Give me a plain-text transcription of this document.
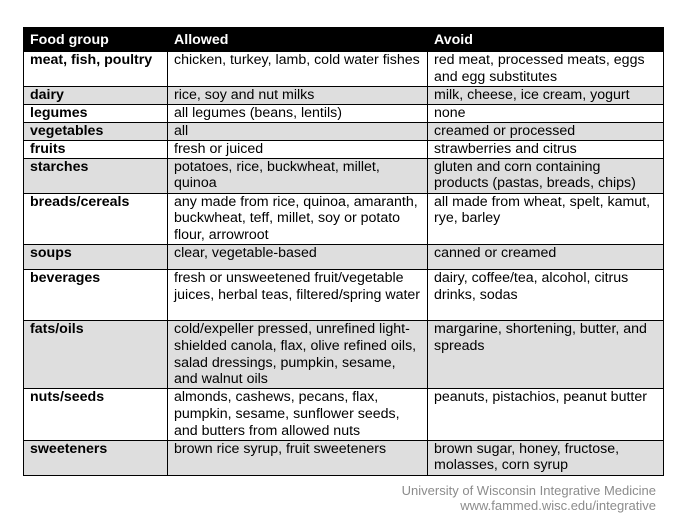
Food group	Allowed	Avoid
meat, fish, poultry	chicken, turkey, lamb, cold water fishes	red meat, processed meats, eggs and egg substitutes
dairy	rice, soy and nut milks	milk, cheese, ice cream, yogurt
legumes	all legumes (beans, lentils)	none
vegetables	all	creamed or processed
fruits	fresh or juiced	strawberries and citrus
starches	potatoes, rice, buckwheat, millet, quinoa	gluten and corn containing products (pastas, breads, chips)
breads/cereals	any made from rice, quinoa, amaranth, buckwheat, teff, millet, soy or potato flour, arrowroot	all made from wheat, spelt, kamut, rye, barley
soups	clear, vegetable-based	canned or creamed
beverages	fresh or unsweetened fruit/vegetable juices, herbal teas, filtered/spring water	dairy, coffee/tea, alcohol, citrus drinks, sodas
fats/oils	cold/expeller pressed, unrefined light-shielded canola, flax, olive refined oils, salad dressings, pumpkin, sesame, and walnut oils	margarine, shortening, butter, and spreads
nuts/seeds	almonds, cashews, pecans, flax, pumpkin, sesame, sunflower seeds, and butters from allowed nuts	peanuts, pistachios, peanut butter
sweeteners	brown rice syrup, fruit sweeteners	brown sugar, honey, fructose, molasses, corn syrup
University of Wisconsin Integrative Medicine
www.fammed.wisc.edu/integrative
